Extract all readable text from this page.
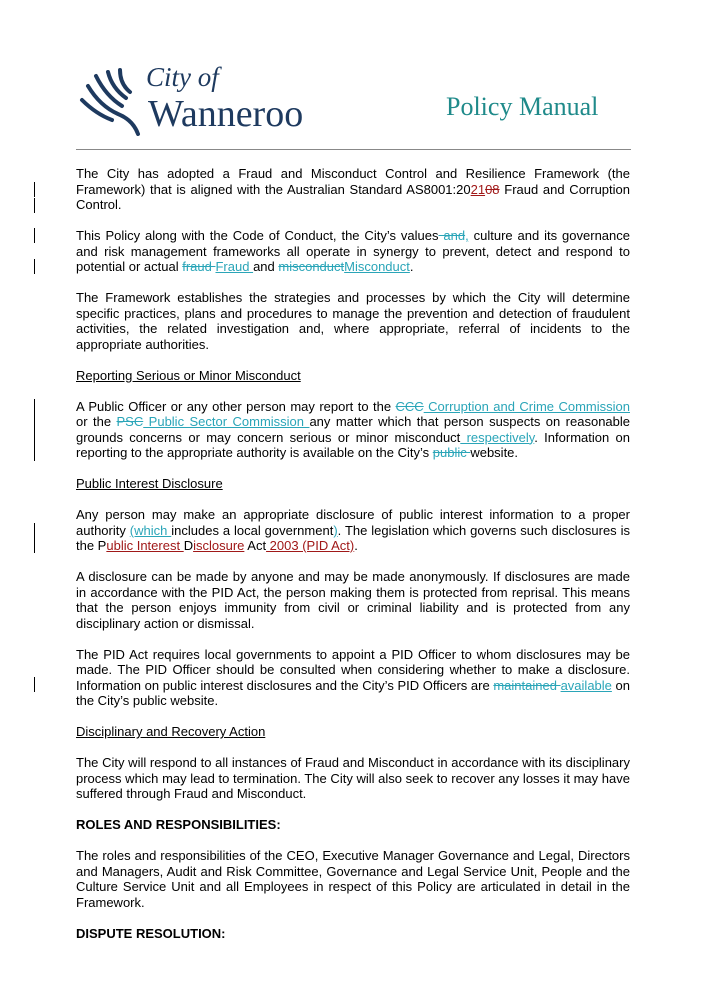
City of
Wanneroo	Policy Manual

The City has adopted a Fraud and Misconduct Control and Resilience Framework (the Framework) that is aligned with the Australian Standard AS8001:202108 Fraud and Corruption Control.

This Policy along with the Code of Conduct, the City’s values and, culture and its governance and risk management frameworks all operate in synergy to prevent, detect and respond to potential or actual fraud Fraud and misconductMisconduct.

The Framework establishes the strategies and processes by which the City will determine specific practices, plans and procedures to manage the prevention and detection of fraudulent activities, the related investigation and, where appropriate, referral of incidents to the appropriate authorities.

Reporting Serious or Minor Misconduct

A Public Officer or any other person may report to the CCC Corruption and Crime Commission or the PSC Public Sector Commission any matter which that person suspects on reasonable grounds concerns or may concern serious or minor misconduct respectively. Information on reporting to the appropriate authority is available on the City’s public website.

Public Interest Disclosure

Any person may make an appropriate disclosure of public interest information to a proper authority (which includes a local government). The legislation which governs such disclosures is the Public Interest Disclosure Act 2003 (PID Act).

A disclosure can be made by anyone and may be made anonymously. If disclosures are made in accordance with the PID Act, the person making them is protected from reprisal. This means that the person enjoys immunity from civil or criminal liability and is protected from any disciplinary action or dismissal.

The PID Act requires local governments to appoint a PID Officer to whom disclosures may be made. The PID Officer should be consulted when considering whether to make a disclosure. Information on public interest disclosures and the City’s PID Officers are maintained available on the City’s public website.

Disciplinary and Recovery Action

The City will respond to all instances of Fraud and Misconduct in accordance with its disciplinary process which may lead to termination. The City will also seek to recover any losses it may have suffered through Fraud and Misconduct.

ROLES AND RESPONSIBILITIES:

The roles and responsibilities of the CEO, Executive Manager Governance and Legal, Directors and Managers, Audit and Risk Committee, Governance and Legal Service Unit, People and the Culture Service Unit and all Employees in respect of this Policy are articulated in detail in the Framework.

DISPUTE RESOLUTION:
